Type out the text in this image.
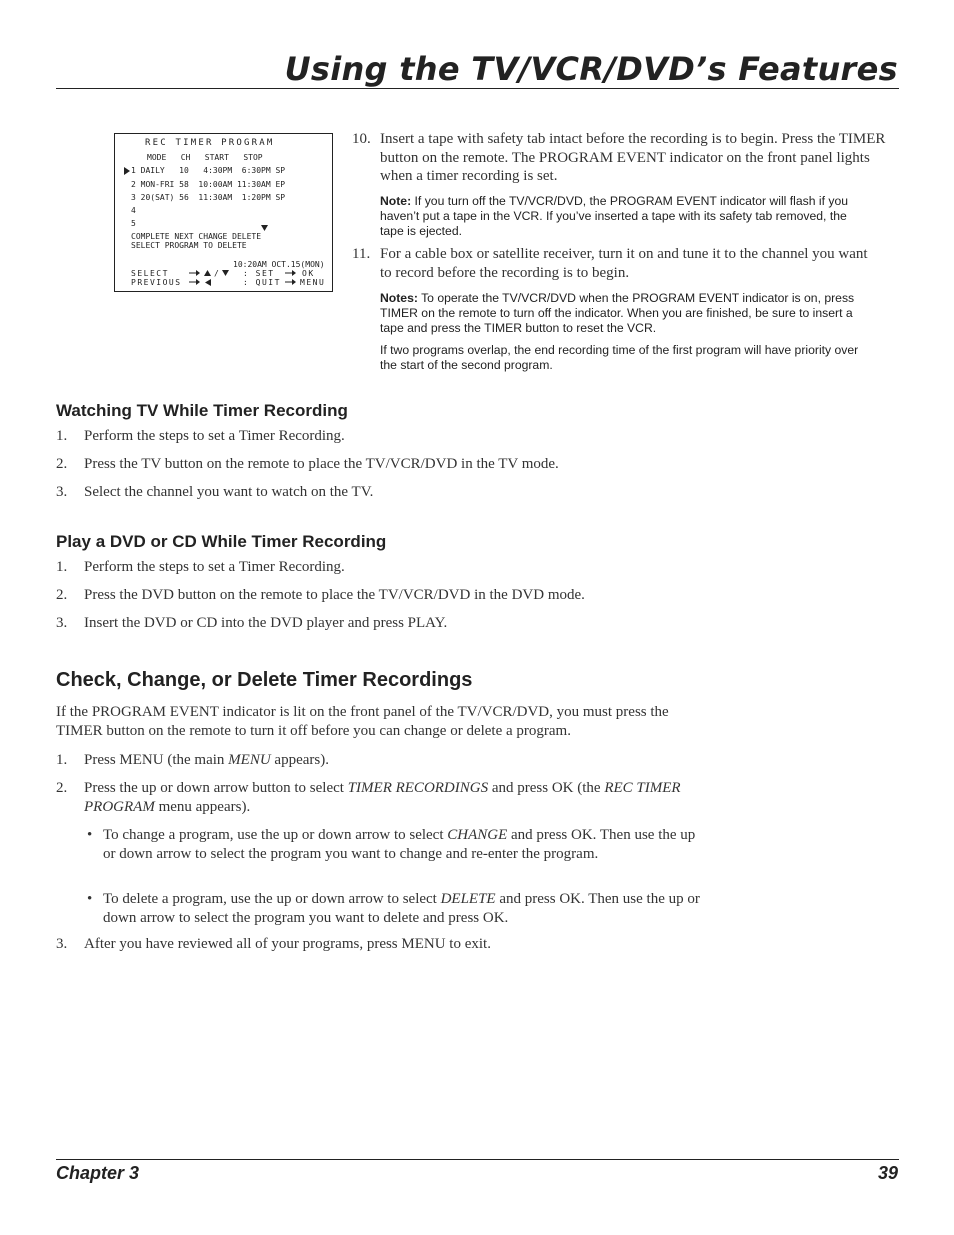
Using the TV/VCR/DVD’s Features
REC TIMER PROGRAM
MODE   CH   START   STOP
1 DAILY   10   4:30PM  6:30PM SP
2 MON-FRI 58  10:00AM 11:30AM EP
3 20(SAT) 56  11:30AM  1:20PM SP
4
5
COMPLETE NEXT CHANGE DELETE
SELECT PROGRAM TO DELETE
10:20AM OCT.15(MON)
SELECT	/	: SET	OK
PREVIOUS	: QUIT MENU
10. Insert a tape with safety tab intact before the recording is to begin. Press the TIMER button on the remote. The PROGRAM EVENT indicator on the front panel lights when a timer recording is set.
Note: If you turn off the TV/VCR/DVD, the PROGRAM EVENT indicator will flash if you haven’t put a tape in the VCR. If you’ve inserted a tape with its safety tab removed, the tape is ejected.
11. For a cable box or satellite receiver, turn it on and tune it to the channel you want to record before the recording is to begin.
Notes: To operate the TV/VCR/DVD when the PROGRAM EVENT indicator is on, press TIMER on the remote to turn off the indicator. When you are finished, be sure to insert a tape and press the TIMER button to reset the VCR.
If two programs overlap, the end recording time of the first program will have priority over the start of the second program.
Watching TV While Timer Recording
1. Perform the steps to set a Timer Recording.
2. Press the TV button on the remote to place the TV/VCR/DVD in the TV mode.
3. Select the channel you want to watch on the TV.
Play a DVD or CD While Timer Recording
1. Perform the steps to set a Timer Recording.
2. Press the DVD button on the remote to place the TV/VCR/DVD in the DVD mode.
3. Insert the DVD or CD into the DVD player and press PLAY.
Check, Change, or Delete Timer Recordings
If the PROGRAM EVENT indicator is lit on the front panel of the TV/VCR/DVD, you must press the TIMER button on the remote to turn it off before you can change or delete a program.
1. Press MENU (the main MENU appears).
2. Press the up or down arrow button to select TIMER RECORDINGS and press OK (the REC TIMER PROGRAM menu appears).
• To change a program, use the up or down arrow to select CHANGE and press OK. Then use the up or down arrow to select the program you want to change and re-enter the program.
• To delete a program, use the up or down arrow to select DELETE and press OK. Then use the up or down arrow to select the program you want to delete and press OK.
3. After you have reviewed all of your programs, press MENU to exit.
Chapter 3	39
